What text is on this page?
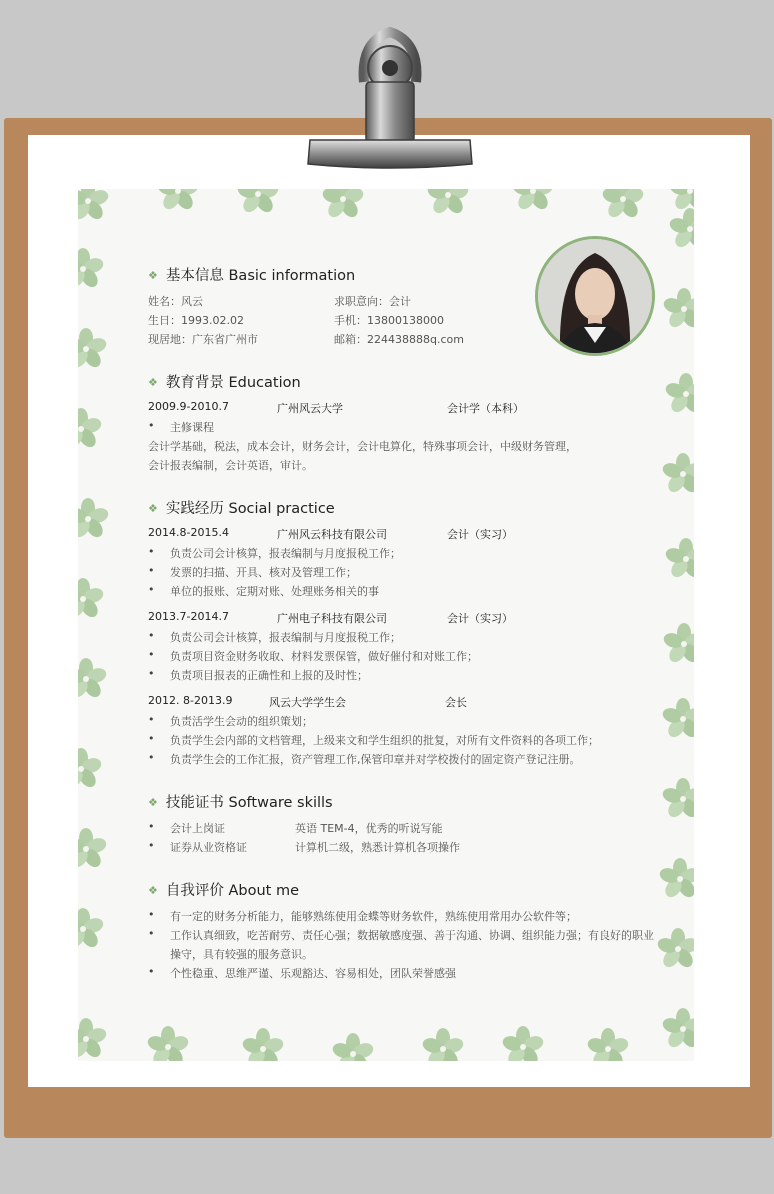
❖ 基本信息 Basic information
姓名：风云	求职意向：会计
生日：1993.02.02	手机：13800138000
现居地：广东省广州市	邮箱：224438888q.com
❖ 教育背景 Education
2009.9-2010.7	广州风云大学	会计学（本科）
• 主修课程
会计学基础，税法，成本会计，财务会计，会计电算化，特殊事项会计，中级财务管理，
会计报表编制，会计英语，审计。
❖ 实践经历 Social practice
2014.8-2015.4	广州风云科技有限公司	会计（实习）
• 负责公司会计核算，报表编制与月度报税工作；
• 发票的扫描、开具、核对及管理工作；
• 单位的报账、定期对账、处理账务相关的事
2013.7-2014.7	广州电子科技有限公司	会计（实习）
• 负责公司会计核算，报表编制与月度报税工作；
• 负责项目资金财务收取、材料发票保管，做好催付和对账工作；
• 负责项目报表的正确性和上报的及时性；
2012. 8-2013.9	风云大学学生会	会长
• 负责活学生会动的组织策划；
• 负责学生会内部的文档管理，上级来文和学生组织的批复，对所有文件资料的各项工作；
• 负责学生会的工作汇报，资产管理工作,保管印章并对学校拨付的固定资产登记注册。
❖ 技能证书 Software skills
• 会计上岗证	英语 TEM-4，优秀的听说写能
• 证券从业资格证	计算机二级，熟悉计算机各项操作
❖ 自我评价 About me
• 有一定的财务分析能力，能够熟练使用金蝶等财务软件，熟练使用常用办公软件等；
• 工作认真细致，吃苦耐劳、责任心强；数据敏感度强、善于沟通、协调、组织能力强；有良好的职业
操守，具有较强的服务意识。
• 个性稳重、思维严谨、乐观豁达、容易相处，团队荣誉感强
